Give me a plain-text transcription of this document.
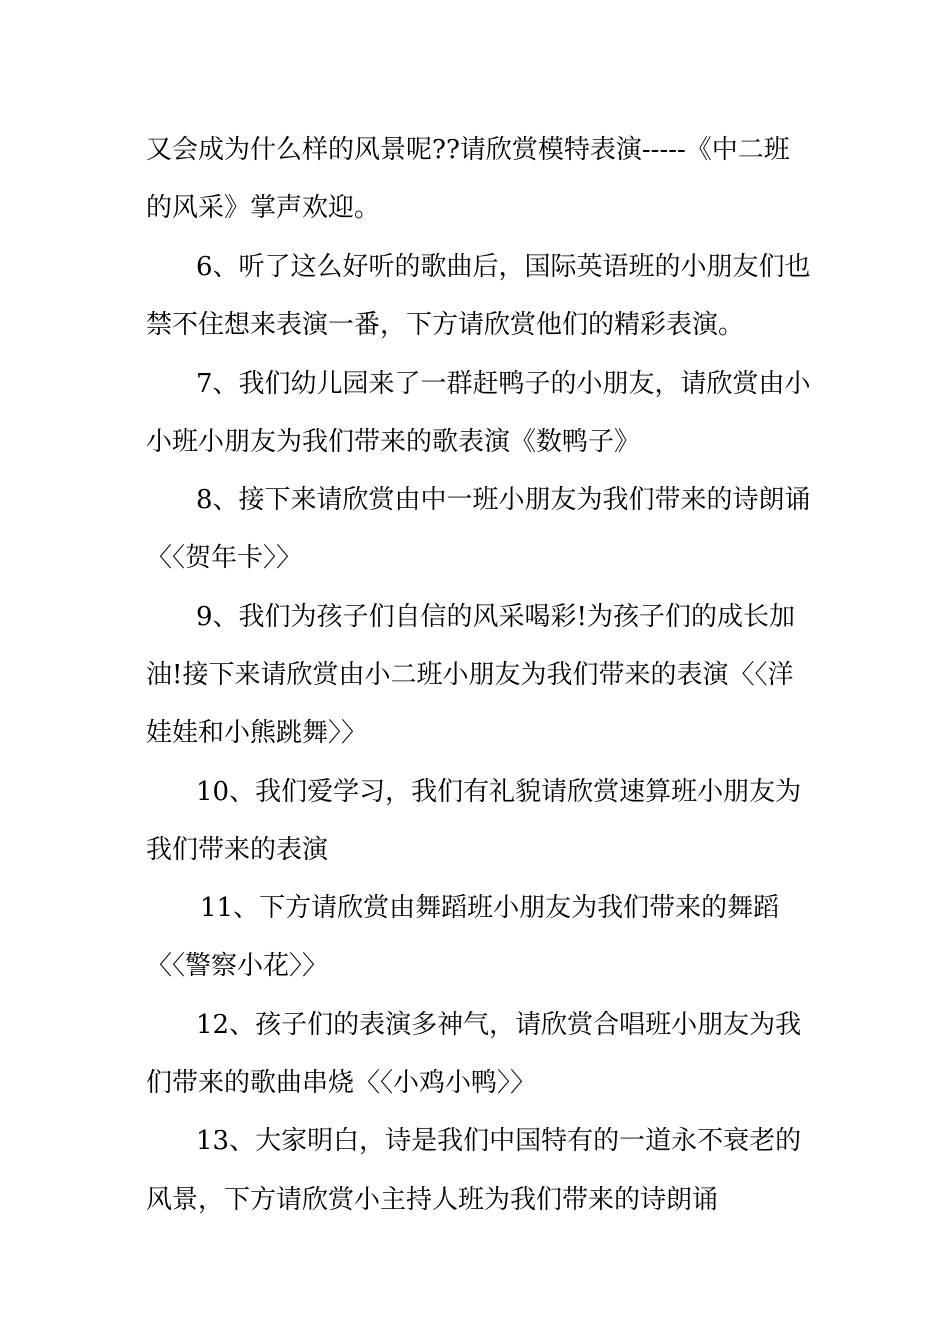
又会成为什么样的风景呢??请欣赏模特表演-----《中二班
的风采》掌声欢迎。
6、听了这么好听的歌曲后，国际英语班的小朋友们也
禁不住想来表演一番，下方请欣赏他们的精彩表演。
7、我们幼儿园来了一群赶鸭子的小朋友，请欣赏由小
小班小朋友为我们带来的歌表演《数鸭子》
8、接下来请欣赏由中一班小朋友为我们带来的诗朗诵
〈〈贺年卡〉〉
9、我们为孩子们自信的风采喝彩!为孩子们的成长加
油!接下来请欣赏由小二班小朋友为我们带来的表演〈〈洋
娃娃和小熊跳舞〉〉
10、我们爱学习，我们有礼貌请欣赏速算班小朋友为
我们带来的表演
11、下方请欣赏由舞蹈班小朋友为我们带来的舞蹈
〈〈警察小花〉〉
12、孩子们的表演多神气，请欣赏合唱班小朋友为我
们带来的歌曲串烧〈〈小鸡小鸭〉〉
13、大家明白，诗是我们中国特有的一道永不衰老的
风景，下方请欣赏小主持人班为我们带来的诗朗诵
